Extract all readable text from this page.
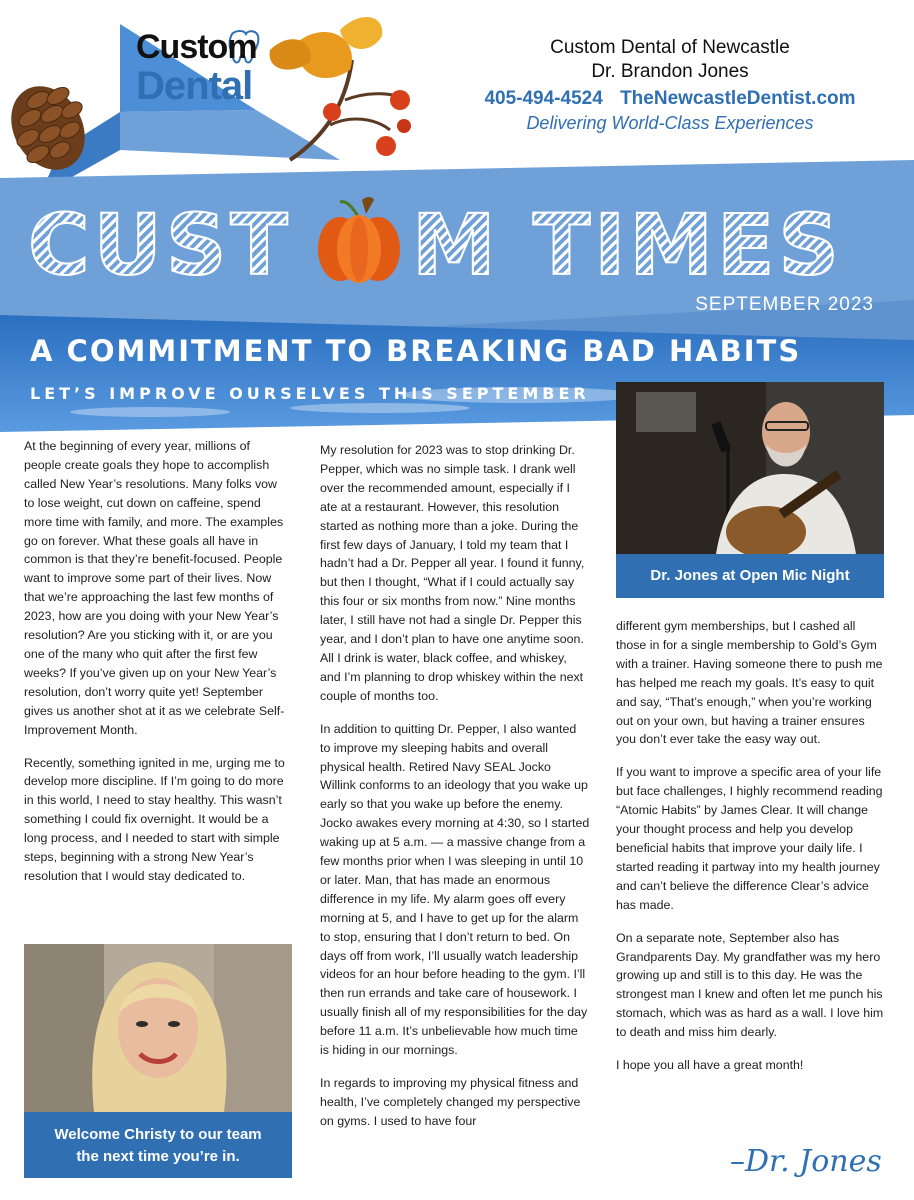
Custom
Dental
Custom Dental of Newcastle
Dr. Brandon Jones
405-494-4524 TheNewcastleDentist.com
Delivering World-Class Experiences
CUST M TIMES
SEPTEMBER 2023
A COMMITMENT TO BREAKING BAD HABITS
LET’S IMPROVE OURSELVES THIS SEPTEMBER
Dr. Jones at Open Mic Night
Welcome Christy to our team
the next time you’re in.

At the beginning of every year, millions of people create goals they hope to accomplish called New Year’s resolutions. Many folks vow to lose weight, cut down on caffeine, spend more time with family, and more. The examples go on forever. What these goals all have in common is that they’re benefit-focused. People want to improve some part of their lives. Now that we’re approaching the last few months of 2023, how are you doing with your New Year’s resolution? Are you sticking with it, or are you one of the many who quit after the first few weeks? If you’ve given up on your New Year’s resolution, don’t worry quite yet! September gives us another shot at it as we celebrate Self-Improvement Month.

Recently, something ignited in me, urging me to develop more discipline. If I’m going to do more in this world, I need to stay healthy. This wasn’t something I could fix overnight. It would be a long process, and I needed to start with simple steps, beginning with a strong New Year’s resolution that I would stay dedicated to.

My resolution for 2023 was to stop drinking Dr. Pepper, which was no simple task. I drank well over the recommended amount, especially if I ate at a restaurant. However, this resolution started as nothing more than a joke. During the first few days of January, I told my team that I hadn’t had a Dr. Pepper all year. I found it funny, but then I thought, “What if I could actually say this four or six months from now.” Nine months later, I still have not had a single Dr. Pepper this year, and I don’t plan to have one anytime soon. All I drink is water, black coffee, and whiskey, and I’m planning to drop whiskey within the next couple of months too.

In addition to quitting Dr. Pepper, I also wanted to improve my sleeping habits and overall physical health. Retired Navy SEAL Jocko Willink conforms to an ideology that you wake up early so that you wake up before the enemy. Jocko awakes every morning at 4:30, so I started waking up at 5 a.m. — a massive change from a few months prior when I was sleeping in until 10 or later. Man, that has made an enormous difference in my life. My alarm goes off every morning at 5, and I have to get up for the alarm to stop, ensuring that I don’t return to bed. On days off from work, I’ll usually watch leadership videos for an hour before heading to the gym. I’ll then run errands and take care of housework. I usually finish all of my responsibilities for the day before 11 a.m. It’s unbelievable how much time is hiding in our mornings.

In regards to improving my physical fitness and health, I’ve completely changed my perspective on gyms. I used to have four

different gym memberships, but I cashed all those in for a single membership to Gold’s Gym with a trainer. Having someone there to push me has helped me reach my goals. It’s easy to quit and say, “That’s enough,” when you’re working out on your own, but having a trainer ensures you don’t ever take the easy way out.

If you want to improve a specific area of your life but face challenges, I highly recommend reading “Atomic Habits” by James Clear. It will change your thought process and help you develop beneficial habits that improve your daily life. I started reading it partway into my health journey and can’t believe the difference Clear’s advice has made.

On a separate note, September also has Grandparents Day. My grandfather was my hero growing up and still is to this day. He was the strongest man I knew and often let me punch his stomach, which was as hard as a wall. I love him to death and miss him dearly.

I hope you all have a great month!

–Dr. Jones
